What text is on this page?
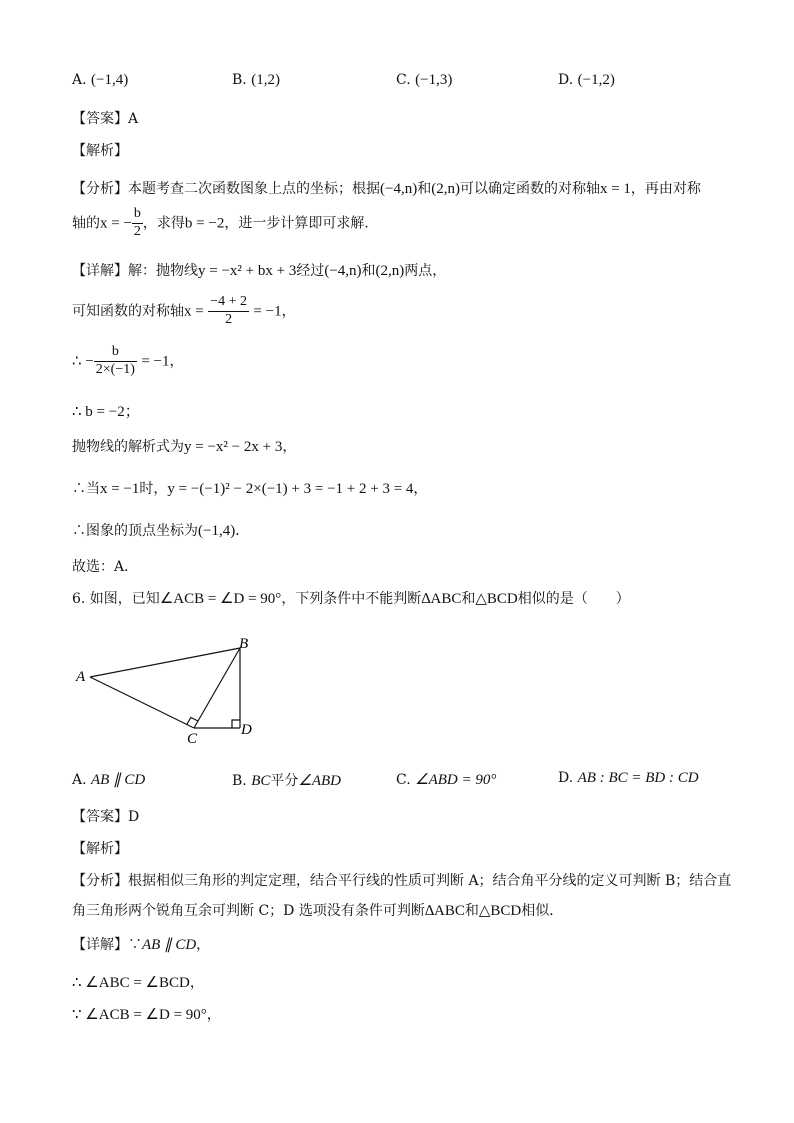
A. (−1,4)	B. (1,2)	C. (−1,3)	D. (−1,2)
【答案】A
【解析】
【分析】本题考查二次函数图象上点的坐标；根据(−4,n)和(2,n)可以确定函数的对称轴x = 1，再由对称
轴的x = − $\frac{b}{2}$ ，求得b = −2，进一步计算即可求解．
【详解】解：抛物线y = −x² + bx + 3经过(−4,n)和(2,n)两点，
可知函数的对称轴$x = \frac{-4 + 2}{2} = -1$，
∴ − $\frac{b}{2\times(-1)} = -1$，
∴ b = −2；
抛物线的解析式为y = −x² − 2x + 3，
∴当x = −1时，y = −(−1)² − 2×(−1) + 3 = −1 + 2 + 3 = 4，
∴图象的顶点坐标为(−1,4)．
故选：A．
6. 如图，已知∠ACB = ∠D = 90°，下列条件中不能判断∆ABC和△BCD相似的是（　　）
A
B
C
D
A. AB ∥ CD	B. BC平分∠ABD	C. ∠ABD = 90°	D. AB : BC = BD : CD
【答案】D
【解析】
【分析】根据相似三角形的判定定理，结合平行线的性质可判断 A；结合角平分线的定义可判断 B；结合直
角三角形两个锐角互余可判断 C；D 选项没有条件可判断∆ABC和△BCD相似．
【详解】∵AB ∥ CD，
∴ ∠ABC = ∠BCD，
∵ ∠ACB = ∠D = 90°，
